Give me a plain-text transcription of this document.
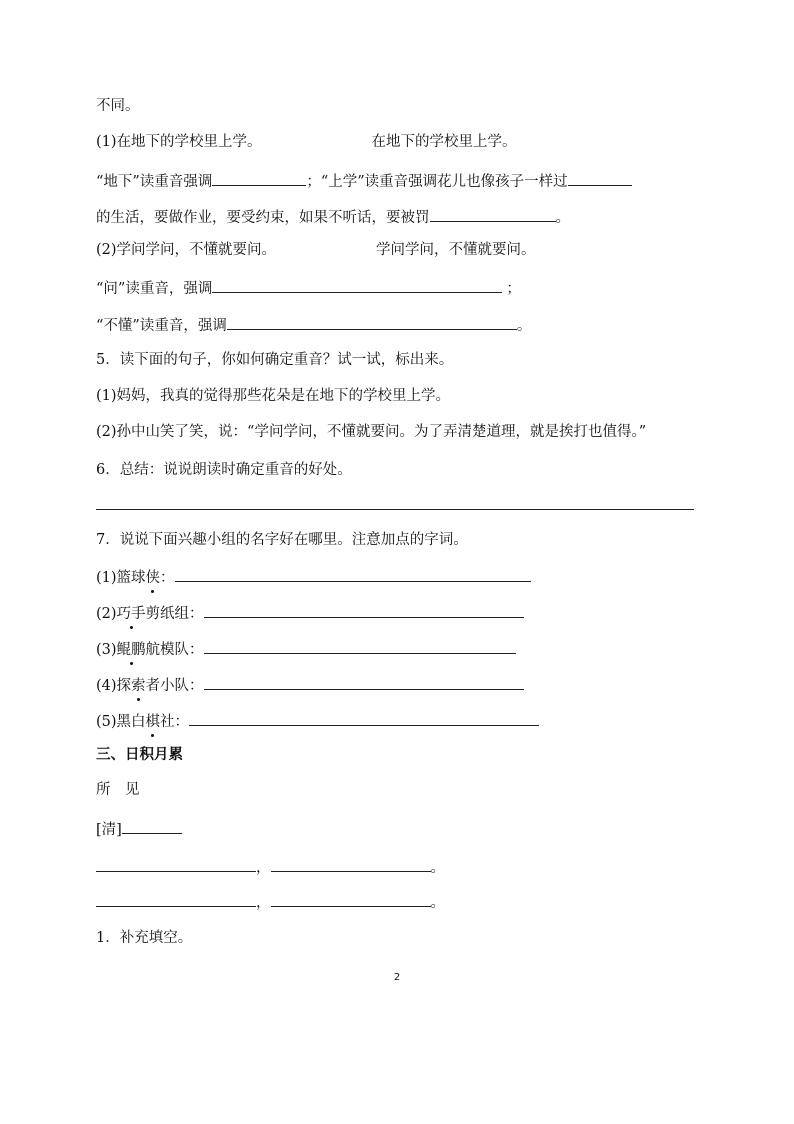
不同。
(1)在地下的学校里上学。	在地下的学校里上学。
“地下”读重音强调	；“上学”读重音强调花儿也像孩子一样过
的生活，要做作业，要受约束，如果不听话，要被罚	。
(2)学问学问，不懂就要问。	学问学问，不懂就要问。
“问”读重音，强调	；
“不懂”读重音，强调	。
5．读下面的句子，你如何确定重音？试一试，标出来。
(1)妈妈，我真的觉得那些花朵是在地下的学校里上学。
(2)孙中山笑了笑，说：“学问学问，不懂就要问。为了弄清楚道理，就是挨打也值得。”
6．总结：说说朗读时确定重音的好处。
7．说说下面兴趣小组的名字好在哪里。注意加点的字词。
(1)篮球侠：
(2)巧手剪纸组：
(3)鲲鹏航模队：
(4)探索者小队：
(5)黑白棋社：
三、日积月累
所　见
[清]
，	。
，	。
1．补充填空。
2
